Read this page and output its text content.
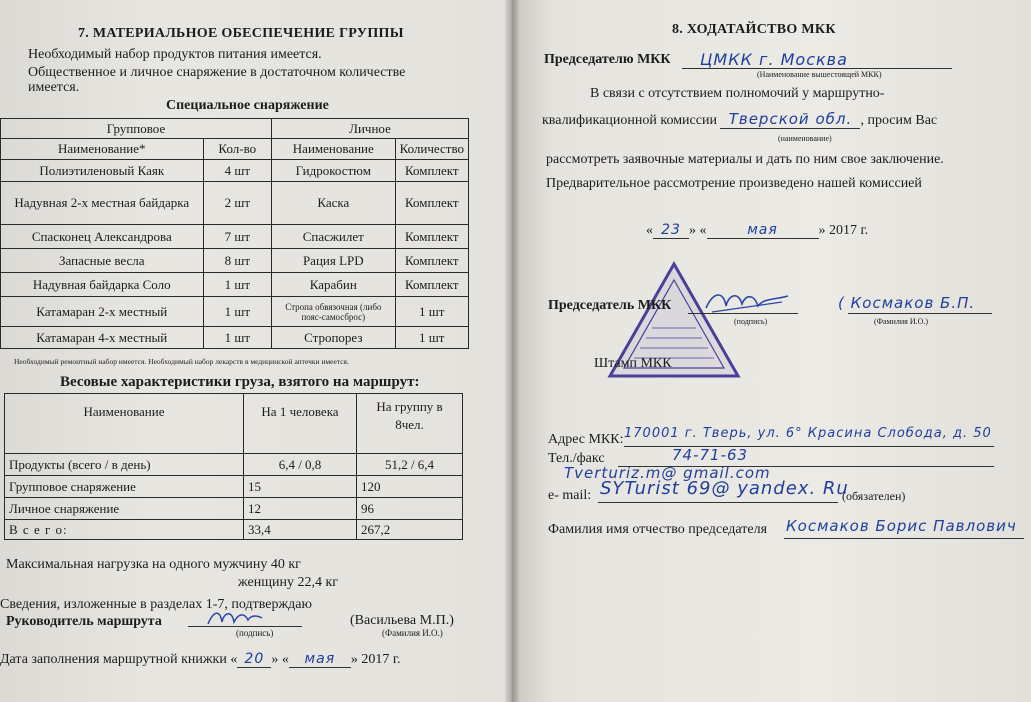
7. МАТЕРИАЛЬНОЕ ОБЕСПЕЧЕНИЕ ГРУППЫ
Необходимый набор продуктов питания имеется.
Общественное и личное снаряжение в достаточном количестве
имеется.
Специальное снаряжение
Групповое		Личное	
Наименование*	Кол-во	Наименование	Количество
Полиэтиленовый Каяк	4 шт	Гидрокостюм	Комплект
Надувная 2-х местная байдарка	2 шт	Каска	Комплект
Спасконец Александрова	7 шт	Спасжилет	Комплект
Запасные весла	8 шт	Рация LPD	Комплект
Надувная байдарка Соло	1 шт	Карабин	Комплект
Катамаран 2-х местный	1 шт	Стропа обвязочная (либо пояс-самосброс)	1 шт
Катамаран 4-х местный	1 шт	Стропорез	1 шт
Необходимый ремонтный набор имеется. Необходимый набор лекарств в медицинской аптечки имеется.
Весовые характеристики груза, взятого на маршрут:
Наименование	На 1 человека	На группу в 8чел.
Продукты (всего / в день)	6,4 / 0,8	51,2 / 6,4
Групповое снаряжение	15	120
Личное снаряжение	12	96
В с е г о:	33,4	267,2
Максимальная нагрузка на одного мужчину 40 кг
женщину 22,4 кг
Сведения, изложенные в разделах 1-7, подтверждаю
Руководитель маршрута
(подпись)
(Васильева М.П.)
(Фамилия И.О.)
Дата заполнения маршрутной книжки « 20 » « мая » 2017 г.
8. ХОДАТАЙСТВО МКК
Председателю МКК ЦМКК г. Москва
(Наименование вышестоящей МКК)
В связи с отсутствием полномочий у маршрутно-
квалификационной комиссии Тверской обл. , просим Вас
(наименование)
рассмотреть заявочные материалы и дать по ним свое заключение.
Предварительное рассмотрение произведено нашей комиссией
« 23 » «	мая	» 2017 г.
Председатель МКК
(подпись)
( Космаков Б.П.
(Фамилия И.О.)
Штамп МКК
Адрес МКК: 170001 г. Тверь, ул. 6° Красина Слобода, д. 50
Тел./факс	74-71-63
Tverturiz.m@ gmail.com
е- mail: SYTurist 69@ yandex. Ru
(обязателен)
Фамилия имя отчество председателя Космаков Борис Павлович
